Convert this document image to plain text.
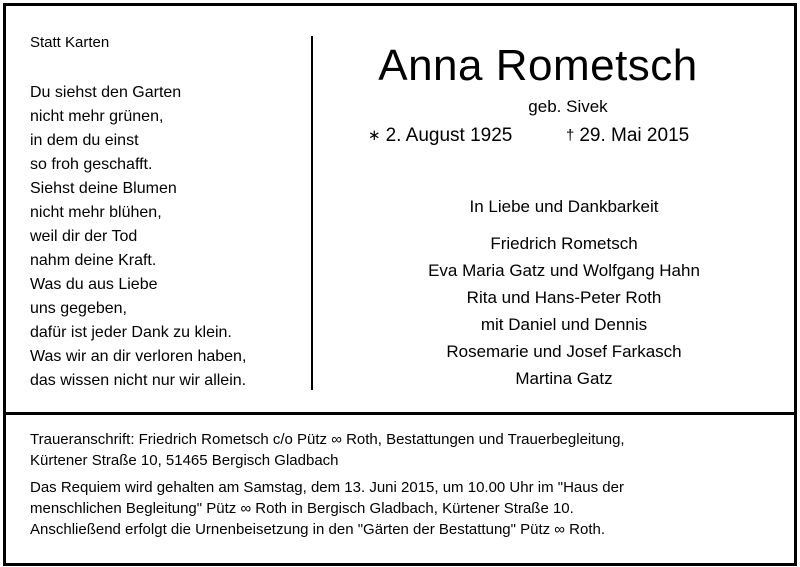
Statt Karten

Du siehst den Garten
nicht mehr grünen,
in dem du einst
so froh geschafft.
Siehst deine Blumen
nicht mehr blühen,
weil dir der Tod
nahm deine Kraft.
Was du aus Liebe
uns gegeben,
dafür ist jeder Dank zu klein.
Was wir an dir verloren haben,
das wissen nicht nur wir allein.
Anna Rometsch

geb. Sivek

∗ 2. August 1925	† 29. Mai 2015

In Liebe und Dankbarkeit

Friedrich Rometsch
Eva Maria Gatz und Wolfgang Hahn
Rita und Hans-Peter Roth
mit Daniel und Dennis
Rosemarie und Josef Farkasch
Martina Gatz

Traueranschrift: Friedrich Rometsch c/o Pütz ∞ Roth, Bestattungen und Trauerbegleitung,

Kürtener Straße 10, 51465 Bergisch Gladbach

Das Requiem wird gehalten am Samstag, dem 13. Juni 2015, um 10.00 Uhr im "Haus der

menschlichen Begleitung" Pütz ∞ Roth in Bergisch Gladbach, Kürtener Straße 10.

Anschließend erfolgt die Urnenbeisetzung in den "Gärten der Bestattung" Pütz ∞ Roth.
